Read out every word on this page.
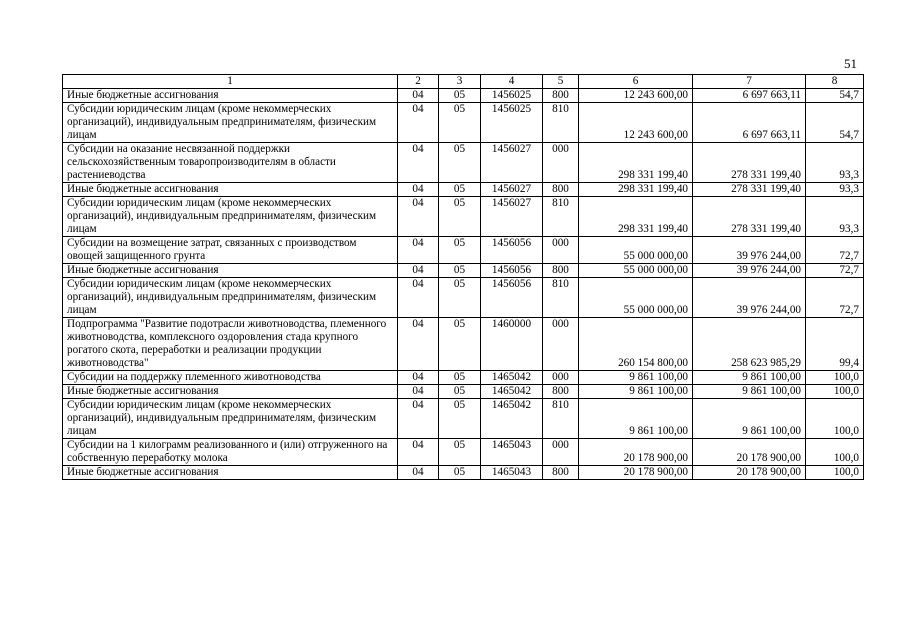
51
1	2	3	4	5	6	7	8
Иные бюджетные ассигнования	04	05	1456025	800	12 243 600,00	6 697 663,11	54,7
Субсидии юридическим лицам (кроме некоммерческих организаций), индивидуальным предпринимателям, физическим лицам	04	05	1456025	810	12 243 600,00	6 697 663,11	54,7
Субсидии на оказание несвязанной поддержки сельскохозяйственным товаропроизводителям в области растениеводства	04	05	1456027	000	298 331 199,40	278 331 199,40	93,3
Иные бюджетные ассигнования	04	05	1456027	800	298 331 199,40	278 331 199,40	93,3
Субсидии юридическим лицам (кроме некоммерческих организаций), индивидуальным предпринимателям, физическим лицам	04	05	1456027	810	298 331 199,40	278 331 199,40	93,3
Субсидии на возмещение затрат, связанных с производством овощей защищенного грунта	04	05	1456056	000	55 000 000,00	39 976 244,00	72,7
Иные бюджетные ассигнования	04	05	1456056	800	55 000 000,00	39 976 244,00	72,7
Субсидии юридическим лицам (кроме некоммерческих организаций), индивидуальным предпринимателям, физическим лицам	04	05	1456056	810	55 000 000,00	39 976 244,00	72,7
Подпрограмма "Развитие подотрасли животноводства, племенного животноводства, комплексного оздоровления стада крупного рогатого скота, переработки и реализации продукции животноводства"	04	05	1460000	000	260 154 800,00	258 623 985,29	99,4
Субсидии на поддержку племенного животноводства	04	05	1465042	000	9 861 100,00	9 861 100,00	100,0
Иные бюджетные ассигнования	04	05	1465042	800	9 861 100,00	9 861 100,00	100,0
Субсидии юридическим лицам (кроме некоммерческих организаций), индивидуальным предпринимателям, физическим лицам	04	05	1465042	810	9 861 100,00	9 861 100,00	100,0
Субсидии на 1 килограмм реализованного и (или) отгруженного на собственную переработку молока	04	05	1465043	000	20 178 900,00	20 178 900,00	100,0
Иные бюджетные ассигнования	04	05	1465043	800	20 178 900,00	20 178 900,00	100,0
